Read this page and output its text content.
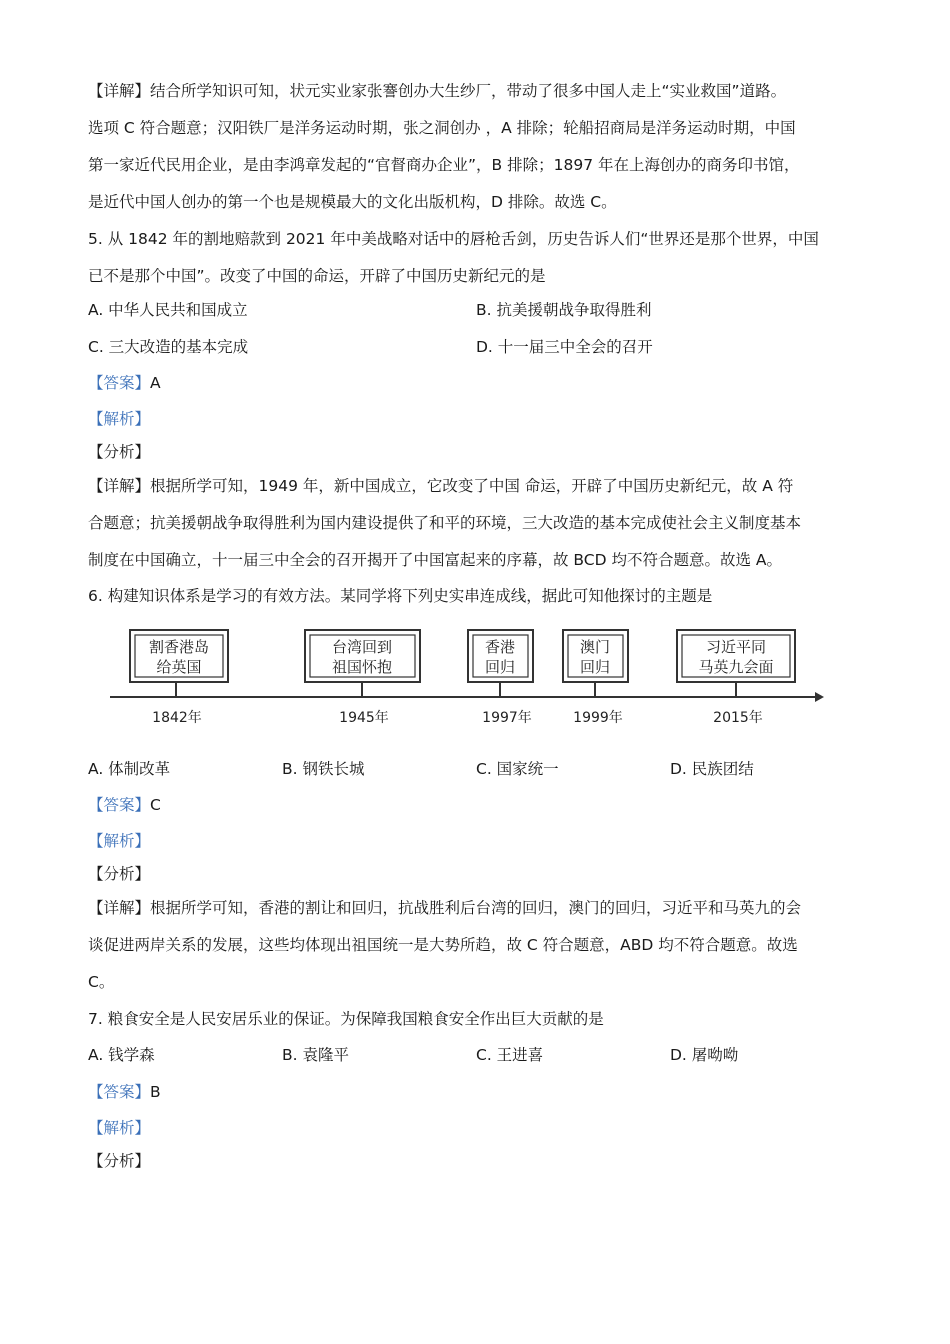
【详解】结合所学知识可知，状元实业家张謇创办大生纱厂，带动了很多中国人走上“实业救国”道路。
选项 C 符合题意；汉阳铁厂是洋务运动时期，张之洞创办 ，A 排除；轮船招商局是洋务运动时期，中国
第一家近代民用企业，是由李鸿章发起的“官督商办企业”，B 排除；1897 年在上海创办的商务印书馆，
是近代中国人创办的第一个也是规模最大的文化出版机构，D 排除。故选 C。
5. 从 1842 年的割地赔款到 2021 年中美战略对话中的唇枪舌剑，历史告诉人们“世界还是那个世界，中国
已不是那个中国”。改变了中国的命运，开辟了中国历史新纪元的是
A. 中华人民共和国成立	B. 抗美援朝战争取得胜利
C. 三大改造的基本完成	D. 十一届三中全会的召开
【答案】A
【解析】
【分析】
【详解】根据所学可知，1949 年，新中国成立，它改变了中国 命运，开辟了中国历史新纪元，故 A 符
合题意；抗美援朝战争取得胜利为国内建设提供了和平的环境，三大改造的基本完成使社会主义制度基本
制度在中国确立，十一届三中全会的召开揭开了中国富起来的序幕，故 BCD 均不符合题意。故选 A。
6. 构建知识体系是学习的有效方法。某同学将下列史实串连成线，据此可知他探讨的主题是
割香港岛
给英国
1842年
台湾回到
祖国怀抱
1945年
香港
回归
1997年
澳门
回归
1999年
习近平同
马英九会面
2015年
A. 体制改革	B. 钢铁长城	C. 国家统一	D. 民族团结
【答案】C
【解析】
【分析】
【详解】根据所学可知，香港的割让和回归，抗战胜利后台湾的回归，澳门的回归，习近平和马英九的会
谈促进两岸关系的发展，这些均体现出祖国统一是大势所趋，故 C 符合题意，ABD 均不符合题意。故选
C。
7. 粮食安全是人民安居乐业的保证。为保障我国粮食安全作出巨大贡献的是
A. 钱学森	B. 袁隆平	C. 王进喜	D. 屠呦呦
【答案】B
【解析】
【分析】
